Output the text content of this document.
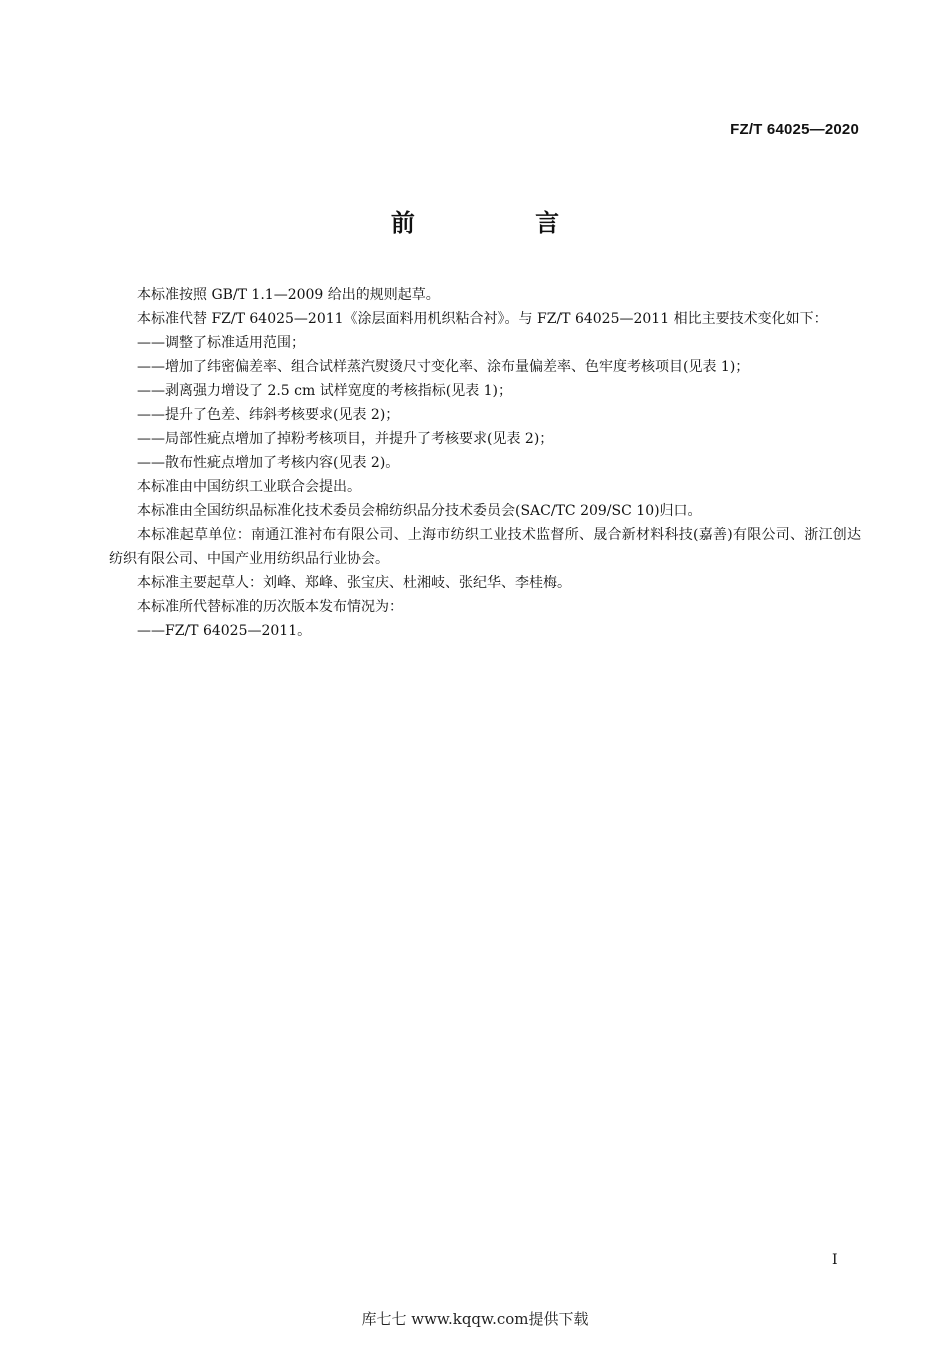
FZ/T 64025—2020
前 言

本标准按照 GB/T 1.1—2009 给出的规则起草。

本标准代替 FZ/T 64025—2011《涂层面料用机织粘合衬》。与 FZ/T 64025—2011 相比主要技术变化如下：

——调整了标准适用范围；

——增加了纬密偏差率、组合试样蒸汽熨烫尺寸变化率、涂布量偏差率、色牢度考核项目(见表 1)；

——剥离强力增设了 2.5 cm 试样宽度的考核指标(见表 1)；

——提升了色差、纬斜考核要求(见表 2)；

——局部性疵点增加了掉粉考核项目，并提升了考核要求(见表 2)；

——散布性疵点增加了考核内容(见表 2)。

本标准由中国纺织工业联合会提出。

本标准由全国纺织品标准化技术委员会棉纺织品分技术委员会(SAC/TC 209/SC 10)归口。

本标准起草单位：南通江淮衬布有限公司、上海市纺织工业技术监督所、晟合新材料科技(嘉善)有限公司、浙江创达纺织有限公司、中国产业用纺织品行业协会。

本标准主要起草人：刘峰、郑峰、张宝庆、杜湘岐、张纪华、李桂梅。

本标准所代替标准的历次版本发布情况为：

——FZ/T 64025—2011。

I
库七七 www.kqqw.com提供下载
